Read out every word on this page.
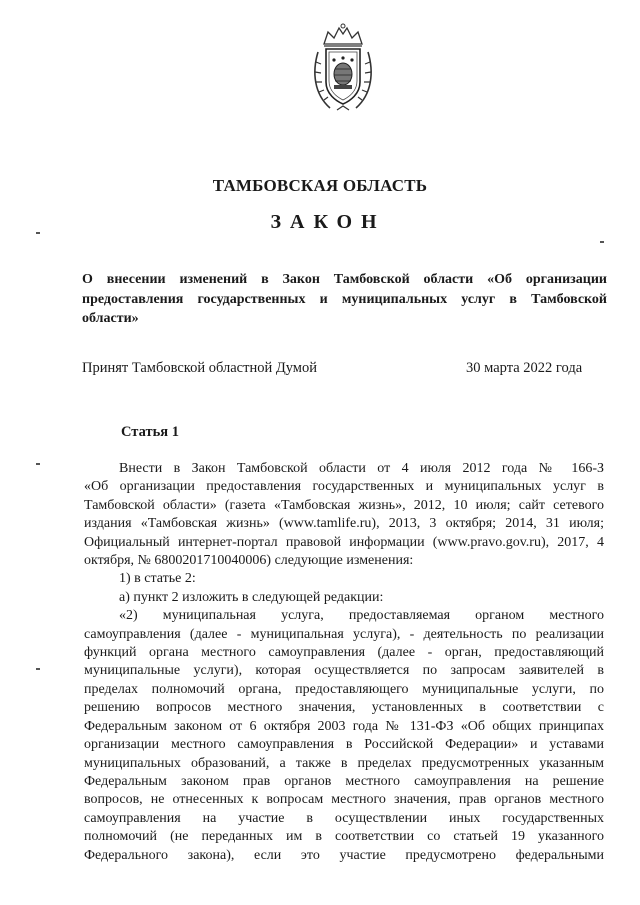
ТАМБОВСКАЯ ОБЛАСТЬ
ЗАКОН
О внесении изменений в Закон Тамбовской области «Об организации
предоставления государственных и муниципальных услуг в Тамбовской
области»
Принят Тамбовской областной Думой	30 марта 2022 года
Статья 1
Внести в Закон Тамбовской области от 4 июля 2012 года № 166-З
«Об организации предоставления государственных и муниципальных услуг в
Тамбовской области» (газета «Тамбовская жизнь», 2012, 10 июля; сайт сетевого
издания «Тамбовская жизнь» (www.tamlife.ru), 2013, 3 октября; 2014, 31 июля;
Официальный интернет-портал правовой информации (www.pravo.gov.ru), 2017, 4
октября, № 6800201710040006) следующие изменения:
1) в статье 2:
а) пункт 2 изложить в следующей редакции:
«2) муниципальная услуга, предоставляемая органом местного
самоуправления (далее - муниципальная услуга), - деятельность по реализации
функций органа местного самоуправления (далее - орган, предоставляющий
муниципальные услуги), которая осуществляется по запросам заявителей в
пределах полномочий органа, предоставляющего муниципальные услуги, по
решению вопросов местного значения, установленных в соответствии с
Федеральным законом от 6 октября 2003 года № 131-ФЗ «Об общих принципах
организации местного самоуправления в Российской Федерации» и уставами
муниципальных образований, а также в пределах предусмотренных указанным
Федеральным законом прав органов местного самоуправления на решение
вопросов, не отнесенных к вопросам местного значения, прав органов местного
самоуправления на участие в осуществлении иных государственных
полномочий (не переданных им в соответствии со статьей 19 указанного
Федерального закона), если это участие предусмотрено федеральными
